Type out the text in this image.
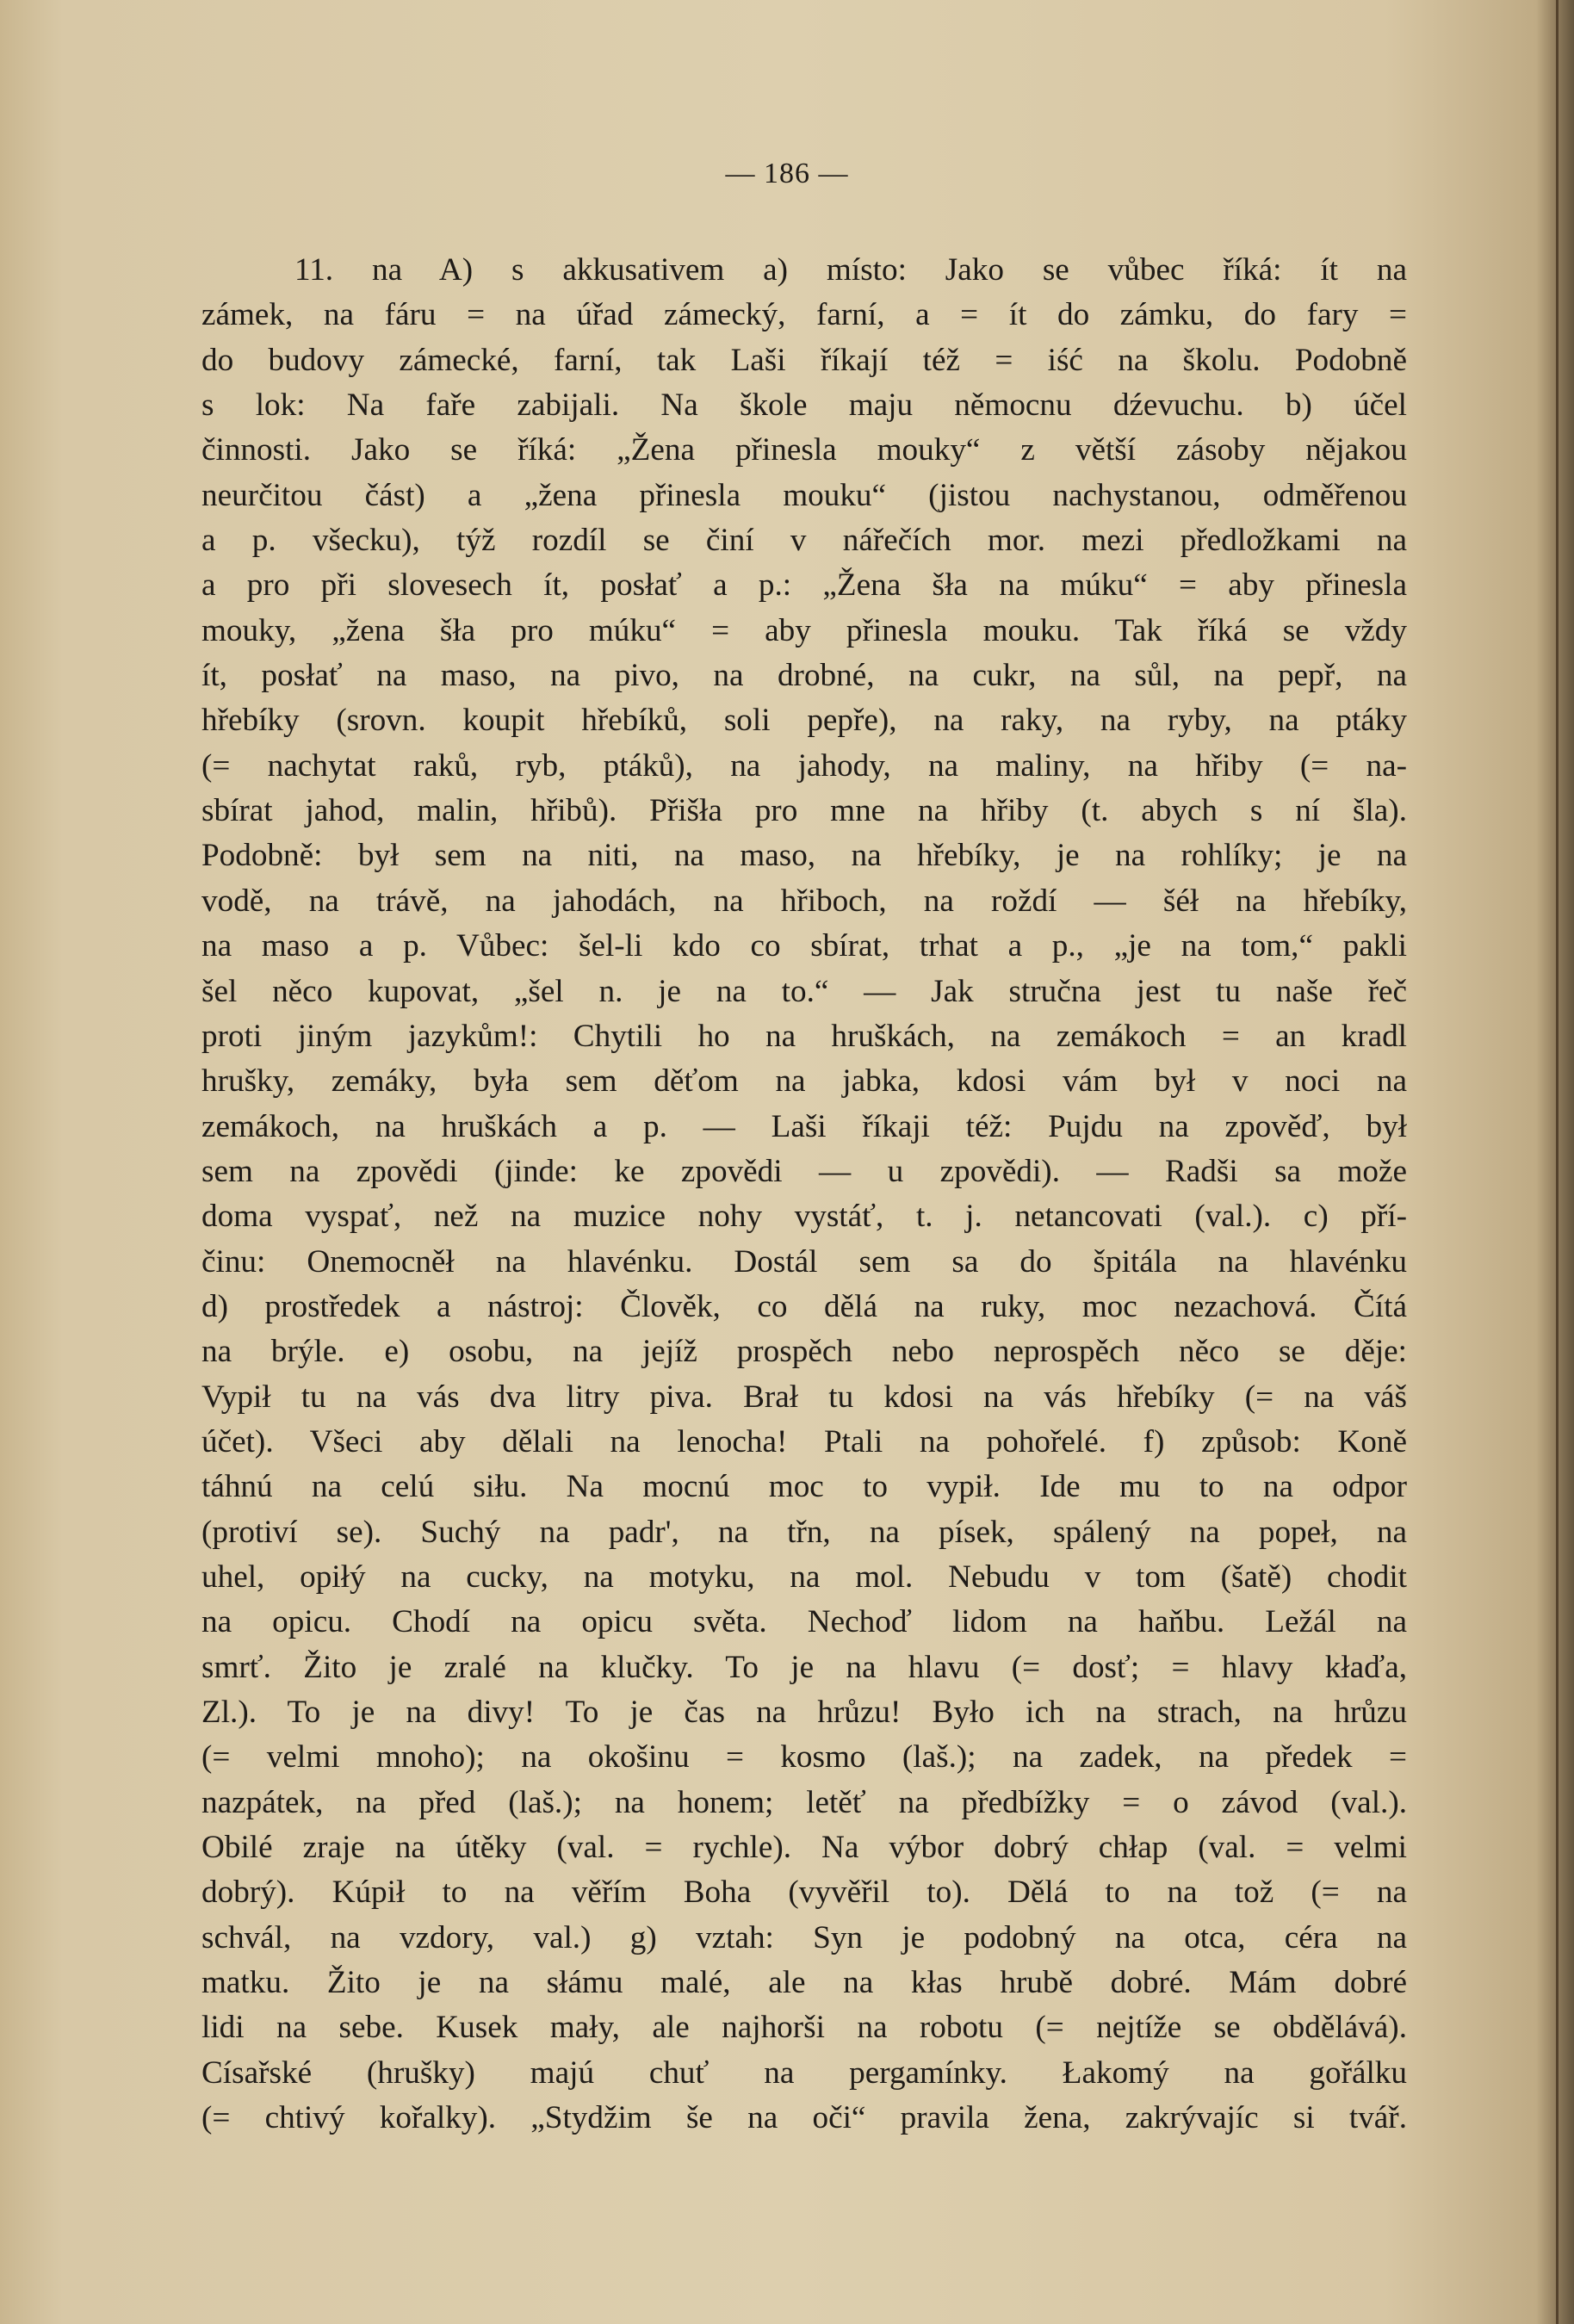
— 186 —
11. na A) s akkusativem a) místo: Jako se vůbec říká: ít na
zámek, na fáru = na úřad zámecký, farní, a = ít do zámku, do fary =
do budovy zámecké, farní, tak Laši říkají též = iść na školu. Podobně
s lok: Na faře zabijali. Na škole maju němocnu dźevuchu. b) účel
činnosti. Jako se říká: „Žena přinesla mouky“ z větší zásoby nějakou
neurčitou část) a „žena přinesla mouku“ (jistou nachystanou, odměřenou
a p. všecku), týž rozdíl se činí v nářečích mor. mezi předložkami na
a pro při slovesech ít, posłať a p.: „Žena šła na múku“ = aby přinesla
mouky, „žena šła pro múku“ = aby přinesla mouku. Tak říká se vždy
ít, posłať na maso, na pivo, na drobné, na cukr, na sůl, na pepř, na
hřebíky (srovn. koupit hřebíků, soli pepře), na raky, na ryby, na ptáky
(= nachytat raků, ryb, ptáků), na jahody, na maliny, na hřiby (= na-
sbírat jahod, malin, hřibů). Přišła pro mne na hřiby (t. abych s ní šla).
Podobně: był sem na niti, na maso, na hřebíky, je na rohlíky; je na
vodě, na trávě, na jahodách, na hřiboch, na roždí — šéł na hřebíky,
na maso a p. Vůbec: šel-li kdo co sbírat, trhat a p., „je na tom,“ pakli
šel něco kupovat, „šel n. je na to.“ — Jak stručna jest tu naše řeč
proti jiným jazykům!: Chytili ho na hruškách, na zemákoch = an kradl
hrušky, zemáky, była sem děťom na jabka, kdosi vám był v noci na
zemákoch, na hruškách a p. — Laši říkaji též: Pujdu na zpověď, był
sem na zpovědi (jinde: ke zpovědi — u zpovědi). — Radši sa može
doma vyspať, než na muzice nohy vystáť, t. j. netancovati (val.). c) pří-
činu: Onemocněł na hlavénku. Dostál sem sa do špitála na hlavénku
d) prostředek a nástroj: Člověk, co dělá na ruky, moc nezachová. Čítá
na brýle. e) osobu, na jejíž prospěch nebo neprospěch něco se děje:
Vypił tu na vás dva litry piva. Brał tu kdosi na vás hřebíky (= na váš
účet). Všeci aby dělali na lenocha! Ptali na pohořelé. f) způsob: Koně
táhnú na celú siłu. Na mocnú moc to vypił. Ide mu to na odpor
(protiví se). Suchý na padr', na třn, na písek, spálený na popeł, na
uhel, opiłý na cucky, na motyku, na mol. Nebudu v tom (šatě) chodit
na opicu. Chodí na opicu světa. Nechoď lidom na haňbu. Ležál na
smrť. Žito je zralé na klučky. To je na hlavu (= dosť; = hlavy kłaďa,
Zl.). To je na divy! To je čas na hrůzu! Było ich na strach, na hrůzu
(= velmi mnoho); na okošinu = kosmo (laš.); na zadek, na předek =
nazpátek, na před (laš.); na honem; letěť na předbížky = o závod (val.).
Obilé zraje na útěky (val. = rychle). Na výbor dobrý chłap (val. = velmi
dobrý). Kúpił to na věřím Boha (vyvěřil to). Dělá to na tož (= na
schvál, na vzdory, val.) g) vztah: Syn je podobný na otca, céra na
matku. Žito je na słámu malé, ale na kłas hrubě dobré. Mám dobré
lidi na sebe. Kusek mały, ale najhorši na robotu (= nejtíže se obdělává).
Císařské (hrušky) majú chuť na pergamínky. Łakomý na gořálku
(= chtivý kořalky). „Stydžim še na oči“ pravila žena, zakrývajíc si tvář.
